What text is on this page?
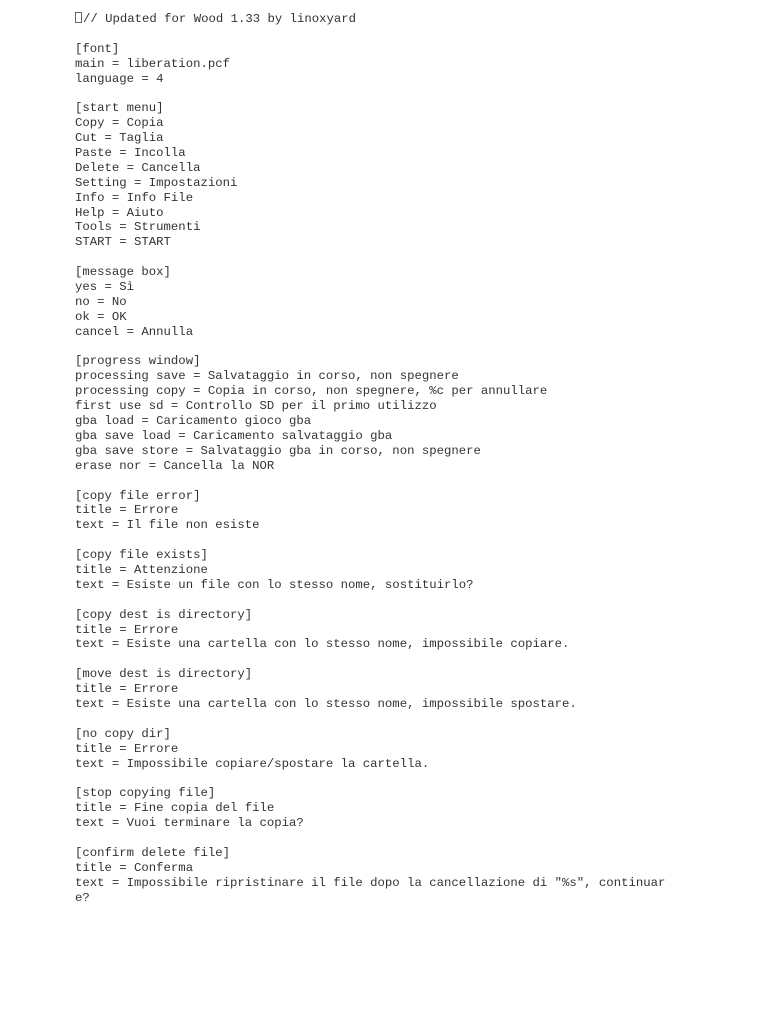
// Updated for Wood 1.33 by linoxyard
[font]
main = liberation.pcf
language = 4
[start menu]
Copy = Copia
Cut = Taglia
Paste = Incolla
Delete = Cancella
Setting = Impostazioni
Info = Info File
Help = Aiuto
Tools = Strumenti
START = START
[message box]
yes = Sì
no = No
ok = OK
cancel = Annulla
[progress window]
processing save = Salvataggio in corso, non spegnere
processing copy = Copia in corso, non spegnere, %c per annullare
first use sd = Controllo SD per il primo utilizzo
gba load = Caricamento gioco gba
gba save load = Caricamento salvataggio gba
gba save store = Salvataggio gba in corso, non spegnere
erase nor = Cancella la NOR
[copy file error]
title = Errore
text = Il file non esiste
[copy file exists]
title = Attenzione
text = Esiste un file con lo stesso nome, sostituirlo?
[copy dest is directory]
title = Errore
text = Esiste una cartella con lo stesso nome, impossibile copiare.
[move dest is directory]
title = Errore
text = Esiste una cartella con lo stesso nome, impossibile spostare.
[no copy dir]
title = Errore
text = Impossibile copiare/spostare la cartella.
[stop copying file]
title = Fine copia del file
text = Vuoi terminare la copia?
[confirm delete file]
title = Conferma
text = Impossibile ripristinare il file dopo la cancellazione di "%s", continuar
e?
